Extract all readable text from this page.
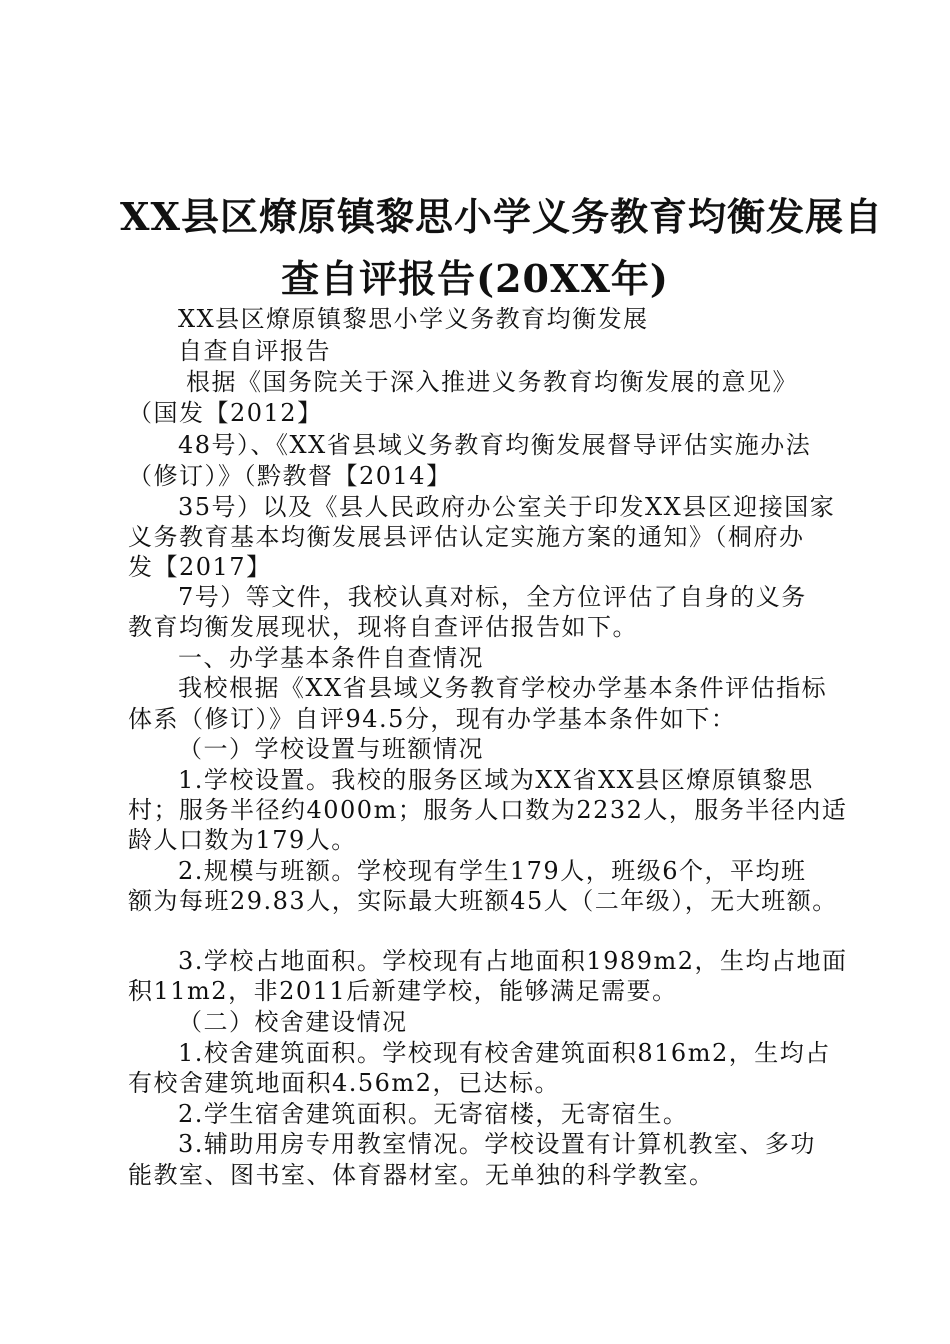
XX县区燎原镇黎思小学义务教育均衡发展自
查自评报告(20XX年)
XX县区燎原镇黎思小学义务教育均衡发展
自查自评报告
根据《国务院关于深入推进义务教育均衡发展的意见》
（国发【2012】
48号）、《XX省县域义务教育均衡发展督导评估实施办法
（修订）》（黔教督【2014】
35号）以及《县人民政府办公室关于印发XX县区迎接国家
义务教育基本均衡发展县评估认定实施方案的通知》（桐府办
发【2017】
7号）等文件，我校认真对标，全方位评估了自身的义务
教育均衡发展现状，现将自查评估报告如下。
一、办学基本条件自查情况
我校根据《XX省县域义务教育学校办学基本条件评估指标
体系（修订）》自评94.5分，现有办学基本条件如下：
（一）学校设置与班额情况
1.学校设置。我校的服务区域为XX省XX县区燎原镇黎思
村；服务半径约4000m；服务人口数为2232人，服务半径内适
龄人口数为179人。
2.规模与班额。学校现有学生179人，班级6个，平均班
额为每班29.83人，实际最大班额45人（二年级），无大班额。
3.学校占地面积。学校现有占地面积1989m2，生均占地面
积11m2，非2011后新建学校，能够满足需要。
（二）校舍建设情况
1.校舍建筑面积。学校现有校舍建筑面积816m2，生均占
有校舍建筑地面积4.56m2，已达标。
2.学生宿舍建筑面积。无寄宿楼，无寄宿生。
3.辅助用房专用教室情况。学校设置有计算机教室、多功
能教室、图书室、体育器材室。无单独的科学教室。
